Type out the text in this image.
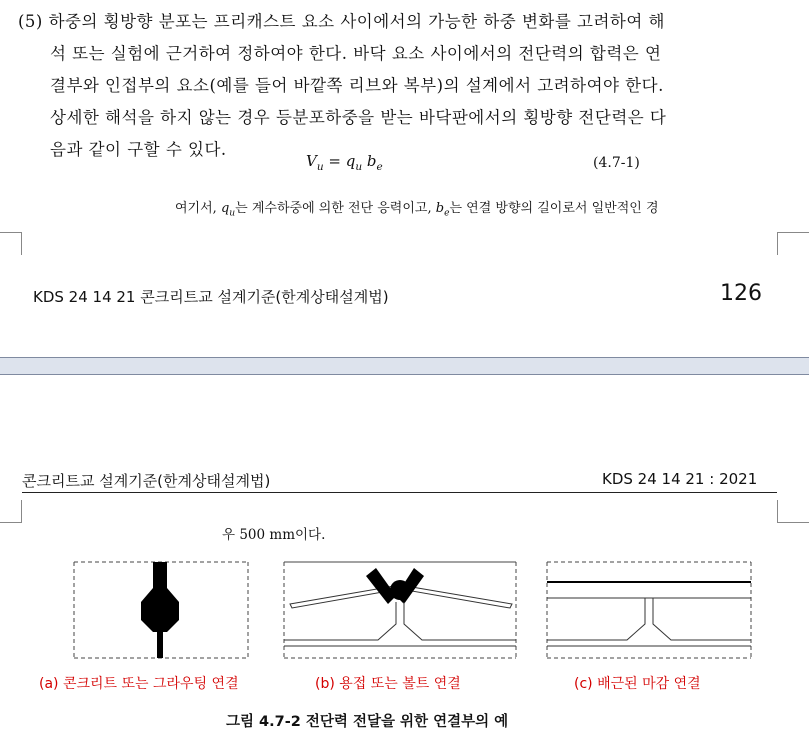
(5) 하중의 횡방향 분포는 프리캐스트 요소 사이에서의 가능한 하중 변화를 고려하여 해
석 또는 실험에 근거하여 정하여야 한다. 바닥 요소 사이에서의 전단력의 합력은 연
결부와 인접부의 요소(예를 들어 바깥쪽 리브와 복부)의 설계에서 고려하여야 한다.
상세한 해석을 하지 않는 경우 등분포하중을 받는 바닥판에서의 횡방향 전단력은 다
음과 같이 구할 수 있다.
$V_u = q_u$ $b_e$	(4.7-1)
여기서, $q_u$는 계수하중에 의한 전단 응력이고, $b_e$는 연결 방향의 길이로서 일반적인 경
KDS 24 14 21 콘크리트교 설계기준(한계상태설계법)	126
콘크리트교 설계기준(한계상태설계법)	KDS 24 14 21 : 2021
우 500 mm이다.
(a) 콘크리트 또는 그라우팅 연결	(b) 용접 또는 볼트 연결	(c) 배근된 마감 연결
그림 4.7-2 전단력 전달을 위한 연결부의 예
